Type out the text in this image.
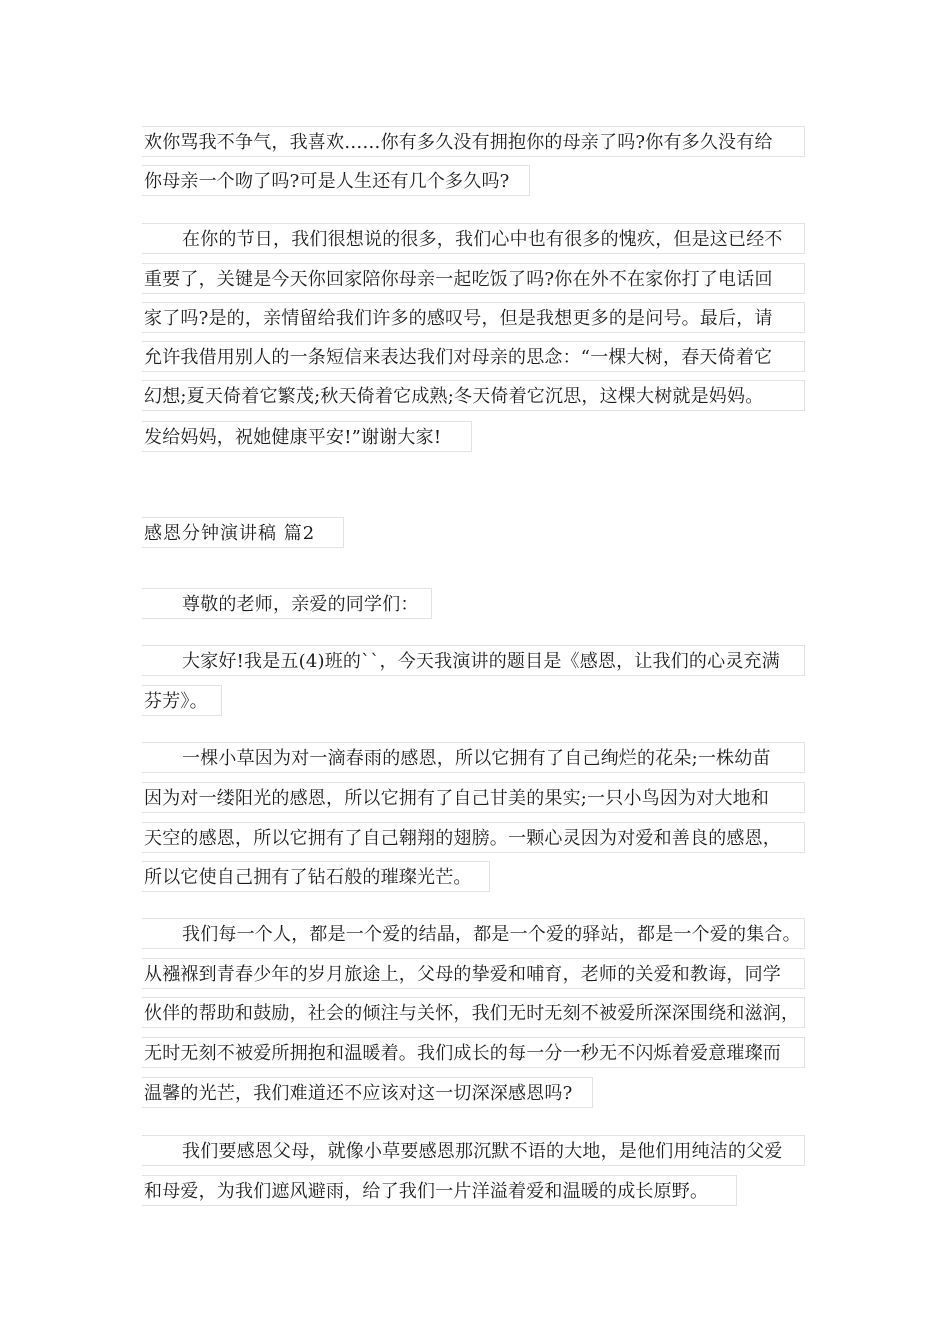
欢你骂我不争气，我喜欢……你有多久没有拥抱你的母亲了吗?你有多久没有给
你母亲一个吻了吗?可是人生还有几个多久吗?
在你的节日，我们很想说的很多，我们心中也有很多的愧疚，但是这已经不
重要了，关键是今天你回家陪你母亲一起吃饭了吗?你在外不在家你打了电话回
家了吗?是的，亲情留给我们许多的感叹号，但是我想更多的是问号。最后，请
允许我借用别人的一条短信来表达我们对母亲的思念：“一棵大树，春天倚着它
幻想;夏天倚着它繁茂;秋天倚着它成熟;冬天倚着它沉思，这棵大树就是妈妈。
发给妈妈，祝她健康平安!”谢谢大家!
感恩分钟演讲稿 篇2
尊敬的老师，亲爱的同学们：
大家好!我是五(4)班的``，今天我演讲的题目是《感恩，让我们的心灵充满
芬芳》。
一棵小草因为对一滴春雨的感恩，所以它拥有了自己绚烂的花朵;一株幼苗
因为对一缕阳光的感恩，所以它拥有了自己甘美的果实;一只小鸟因为对大地和
天空的感恩，所以它拥有了自己翱翔的翅膀。一颗心灵因为对爱和善良的感恩，
所以它使自己拥有了钻石般的璀璨光芒。
我们每一个人，都是一个爱的结晶，都是一个爱的驿站，都是一个爱的集合。
从襁褓到青春少年的岁月旅途上，父母的挚爱和哺育，老师的关爱和教诲，同学
伙伴的帮助和鼓励，社会的倾注与关怀，我们无时无刻不被爱所深深围绕和滋润，
无时无刻不被爱所拥抱和温暖着。我们成长的每一分一秒无不闪烁着爱意璀璨而
温馨的光芒，我们难道还不应该对这一切深深感恩吗?
我们要感恩父母，就像小草要感恩那沉默不语的大地，是他们用纯洁的父爱
和母爱，为我们遮风避雨，给了我们一片洋溢着爱和温暖的成长原野。
